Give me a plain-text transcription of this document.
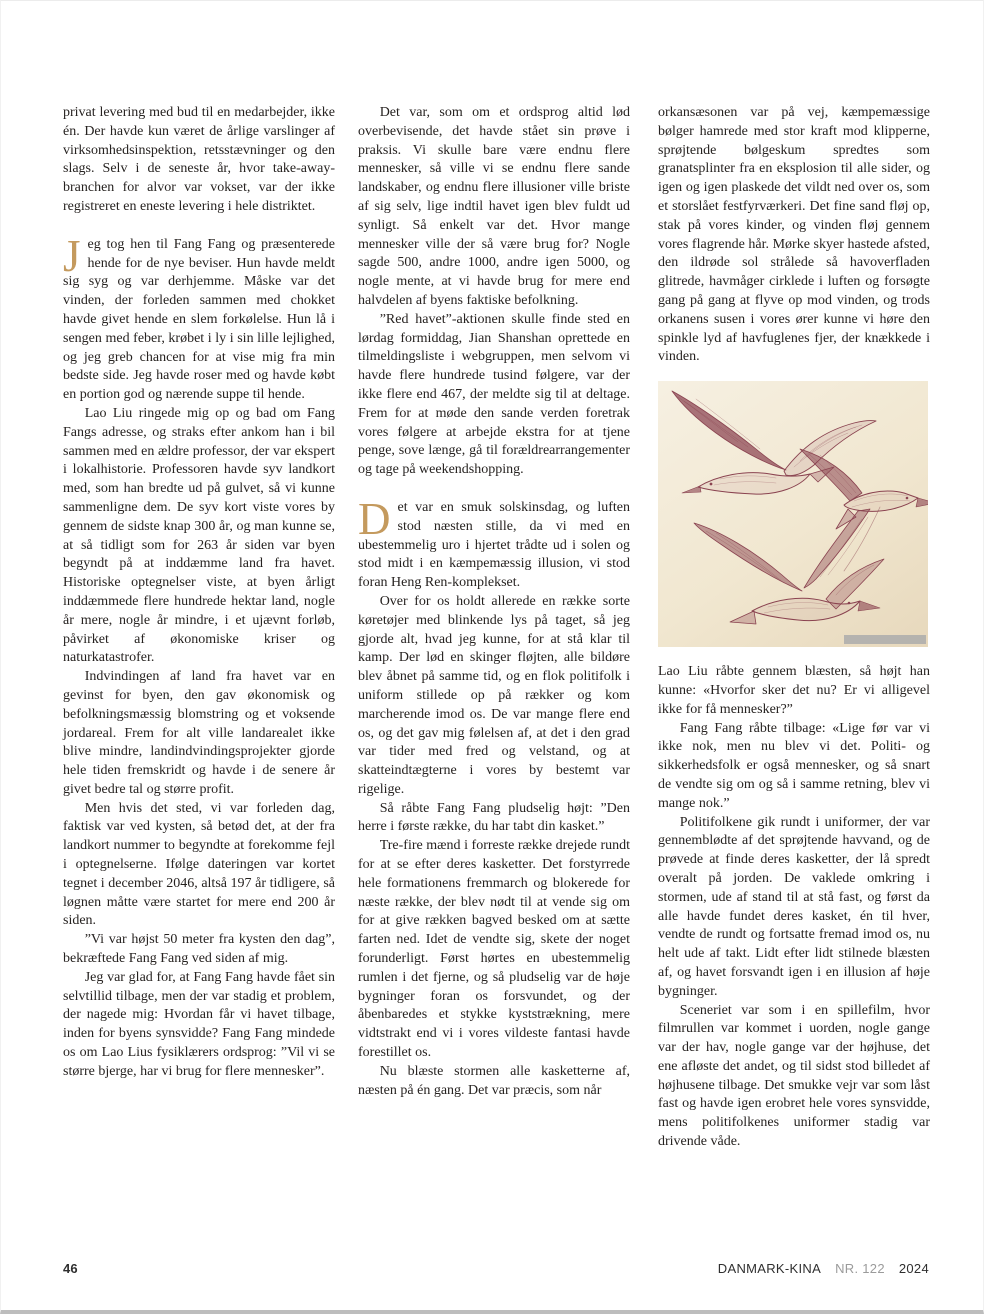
privat levering med bud til en medarbejder, ikke én. Der havde kun været de årlige varslinger af virksomhedsinspektion, retsstævninger og den slags. Selv i de seneste år, hvor take-away-branchen for alvor var vokset, var der ikke registreret en eneste levering i hele distriktet.

Jeg tog hen til Fang Fang og præsenterede hende for de nye beviser. Hun havde meldt sig syg og var derhjemme. Måske var det vinden, der forleden sammen med chokket havde givet hende en slem forkølelse. Hun lå i sengen med feber, krøbet i ly i sin lille lejlighed, og jeg greb chancen for at vise mig fra min bedste side. Jeg havde roser med og havde købt en portion god og nærende suppe til hende.

Lao Liu ringede mig op og bad om Fang Fangs adresse, og straks efter ankom han i bil sammen med en ældre professor, der var ekspert i lokalhistorie. Professoren havde syv landkort med, som han bredte ud på gulvet, så vi kunne sammenligne dem. De syv kort viste vores by gennem de sidste knap 300 år, og man kunne se, at så tidligt som for 263 år siden var byen begyndt på at inddæmme land fra havet. Historiske optegnelser viste, at byen årligt inddæmmede flere hundrede hektar land, nogle år mere, nogle år mindre, i et ujævnt forløb, påvirket af økonomiske kriser og naturkatastrofer.

Indvindingen af land fra havet var en gevinst for byen, den gav økonomisk og befolkningsmæssig blomstring og et voksende jordareal. Frem for alt ville landarealet ikke blive mindre, landindvindingsprojekter gjorde hele tiden fremskridt og havde i de senere år givet bedre tal og større profit.

Men hvis det sted, vi var forleden dag, faktisk var ved kysten, så betød det, at der fra landkort nummer to begyndte at forekomme fejl i optegnelserne. Ifølge dateringen var kortet tegnet i december 2046, altså 197 år tidligere, så løgnen måtte være startet for mere end 200 år siden.

”Vi var højst 50 meter fra kysten den dag”, bekræftede Fang Fang ved siden af mig.

Jeg var glad for, at Fang Fang havde fået sin selvtillid tilbage, men der var stadig et problem, der nagede mig: Hvordan får vi havet tilbage, inden for byens synsvidde? Fang Fang mindede os om Lao Lius fysiklærers ordsprog: ”Vil vi se større bjerge, har vi brug for flere mennesker”.

Det var, som om et ordsprog altid lød overbevisende, det havde stået sin prøve i praksis. Vi skulle bare være endnu flere mennesker, så ville vi se endnu flere sande landskaber, og endnu flere illusioner ville briste af sig selv, lige indtil havet igen blev fuldt ud synligt. Så enkelt var det. Hvor mange mennesker ville der så være brug for? Nogle sagde 500, andre 1000, andre igen 5000, og nogle mente, at vi havde brug for mere end halvdelen af byens faktiske befolkning.

”Red havet”-aktionen skulle finde sted en lørdag formiddag, Jian Shanshan oprettede en tilmeldingsliste i webgruppen, men selvom vi havde flere hundrede tusind følgere, var der ikke flere end 467, der meldte sig til at deltage. Frem for at møde den sande verden foretrak vores følgere at arbejde ekstra for at tjene penge, sove længe, gå til forældrearrangementer og tage på weekendshopping.

Det var en smuk solskinsdag, og luften stod næsten stille, da vi med en ubestemmelig uro i hjertet trådte ud i solen og stod midt i en kæmpemæssig illusion, vi stod foran Heng Ren-komplekset.

Over for os holdt allerede en række sorte køretøjer med blinkende lys på taget, så jeg gjorde alt, hvad jeg kunne, for at stå klar til kamp. Der lød en skinger fløjten, alle bildøre blev åbnet på samme tid, og en flok politifolk i uniform stillede op på rækker og kom marcherende imod os. De var mange flere end os, og det gav mig følelsen af, at det i den grad var tider med fred og velstand, og at skatteindtægterne i vores by bestemt var rigelige.

Så råbte Fang Fang pludselig højt: ”Den herre i første række, du har tabt din kasket.”

Tre-fire mænd i forreste række drejede rundt for at se efter deres kasketter. Det forstyrrede hele formationens fremmarch og blokerede for næste række, der blev nødt til at vende sig om for at give rækken bagved besked om at sætte farten ned. Idet de vendte sig, skete der noget forunderligt. Først hørtes en ubestemmelig rumlen i det fjerne, og så pludselig var de høje bygninger foran os forsvundet, og der åbenbaredes et stykke kyststrækning, mere vidtstrakt end vi i vores vildeste fantasi havde forestillet os.

Nu blæste stormen alle kasketterne af, næsten på én gang. Det var præcis, som når

orkansæsonen var på vej, kæmpemæssige bølger hamrede med stor kraft mod klipperne, sprøjtende bølgeskum spredtes som granatsplinter fra en eksplosion til alle sider, og igen og igen plaskede det vildt ned over os, som et storslået festfyrværkeri. Det fine sand fløj op, stak på vores kinder, og vinden fløj gennem vores flagrende hår. Mørke skyer hastede afsted, den ildrøde sol strålede så havoverfladen glitrede, havmåger cirklede i luften og forsøgte gang på gang at flyve op mod vinden, og trods orkanens susen i vores ører kunne vi høre den spinkle lyd af havfuglenes fjer, der knækkede i vinden.

Lao Liu råbte gennem blæsten, så højt han kunne: «Hvorfor sker det nu? Er vi alligevel ikke for få mennesker?”

Fang Fang råbte tilbage: «Lige før var vi ikke nok, men nu blev vi det. Politi- og sikkerhedsfolk er også mennesker, og så snart de vendte sig om og så i samme retning, blev vi mange nok.”

Politifolkene gik rundt i uniformer, der var gennemblødte af det sprøjtende havvand, og de prøvede at finde deres kasketter, der lå spredt overalt på jorden. De vaklede omkring i stormen, ude af stand til at stå fast, og først da alle havde fundet deres kasket, én til hver, vendte de rundt og fortsatte fremad imod os, nu helt ude af takt. Lidt efter lidt stilnede blæsten af, og havet forsvandt igen i en illusion af høje bygninger.

Sceneriet var som i en spillefilm, hvor filmrullen var kommet i uorden, nogle gange var der hav, nogle gange var der højhuse, det ene afløste det andet, og til sidst stod billedet af højhusene tilbage. Det smukke vejr var som låst fast og havde igen erobret hele vores synsvidde, mens politifolkenes uniformer stadig var drivende våde.

46	DANMARK-KINA NR. 122 2024
